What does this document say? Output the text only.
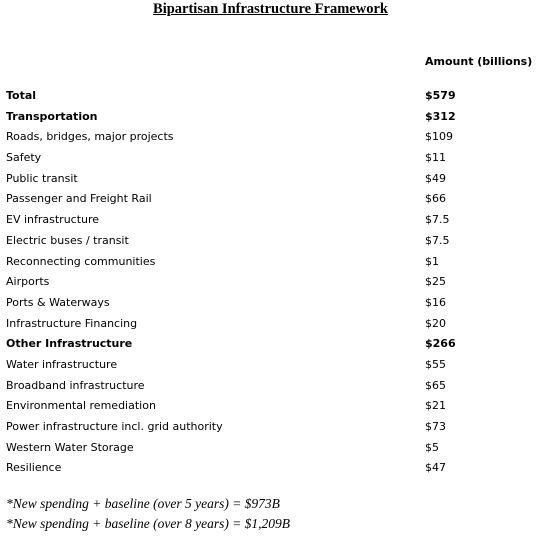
Bipartisan Infrastructure Framework
Amount (billions)
Total	$579
Transportation	$312
Roads, bridges, major projects	$109
Safety	$11
Public transit	$49
Passenger and Freight Rail	$66
EV infrastructure	$7.5
Electric buses / transit	$7.5
Reconnecting communities	$1
Airports	$25
Ports & Waterways	$16
Infrastructure Financing	$20
Other Infrastructure	$266
Water infrastructure	$55
Broadband infrastructure	$65
Environmental remediation	$21
Power infrastructure incl. grid authority	$73
Western Water Storage	$5
Resilience	$47
*New spending + baseline (over 5 years) = $973B
*New spending + baseline (over 8 years) = $1,209B
